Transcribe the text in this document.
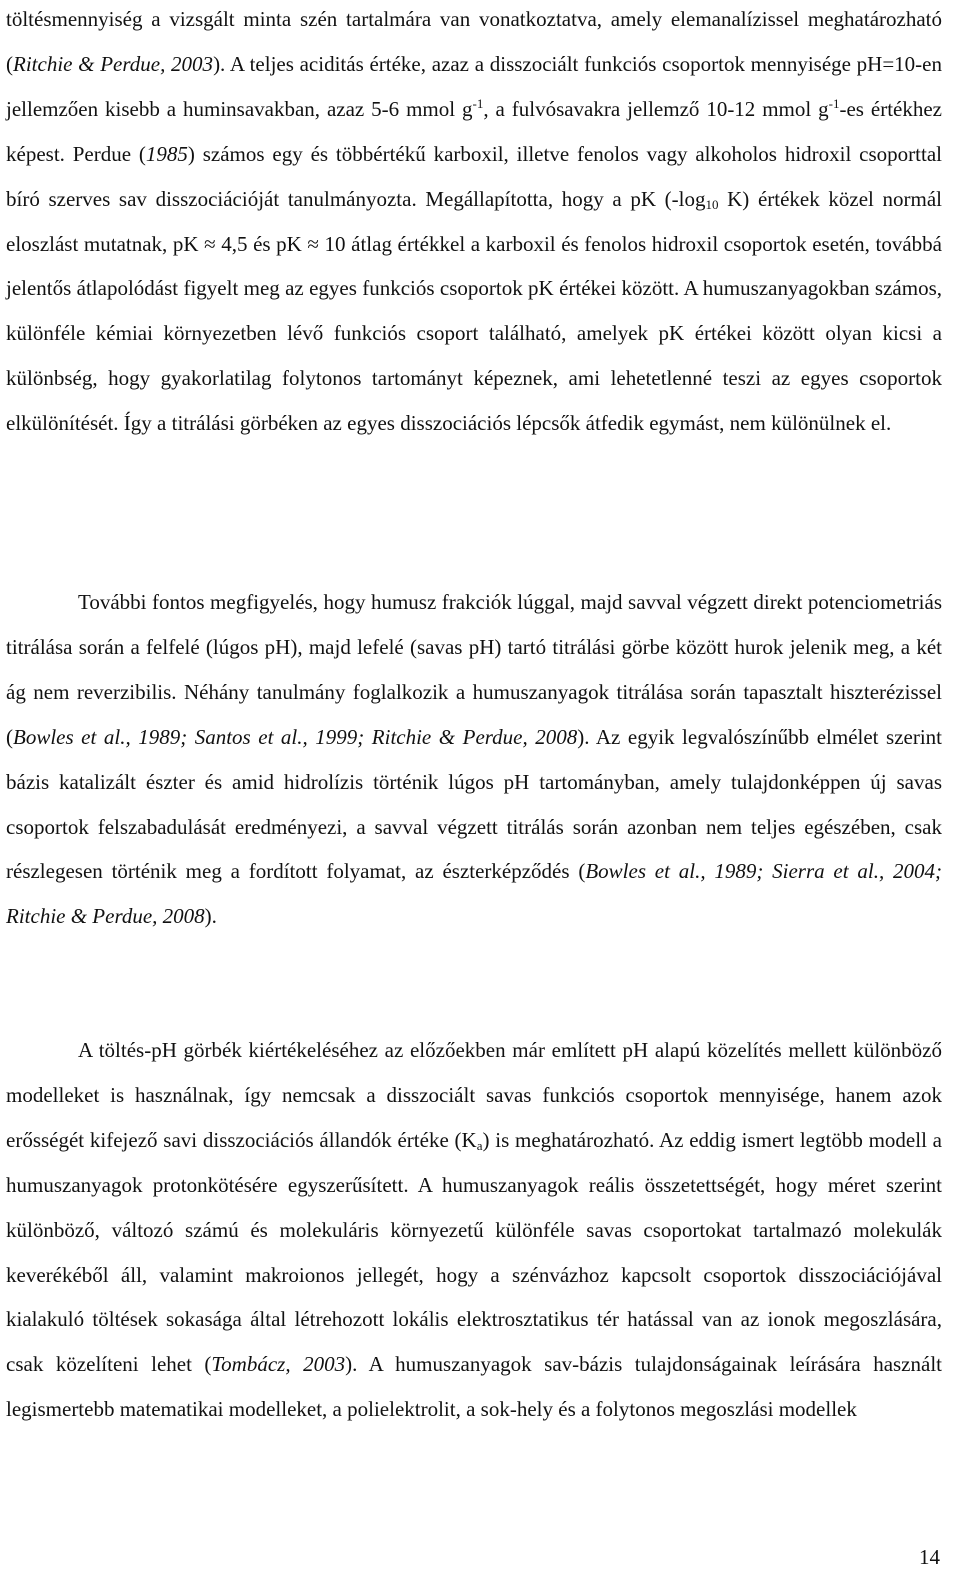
töltésmennyiség a vizsgált minta szén tartalmára van vonatkoztatva, amely elemanalízissel meghatározható (Ritchie & Perdue, 2003). A teljes aciditás értéke, azaz a disszociált funkciós csoportok mennyisége pH=10-en jellemzően kisebb a huminsavakban, azaz 5-6 mmol $g^{-1}$, a fulvósavakra jellemző 10-12 mmol $g^{-1}-es$ értékhez képest. Perdue (1985) számos egy és többértékű karboxil, illetve fenolos vagy alkoholos hidroxil csoporttal bíró szerves sav disszociációját tanulmányozta. Megállapította, hogy a pK ($-\log_{10}$ K) értékek közel normál eloszlást mutatnak, pK ≈ 4,5 és pK ≈ 10 átlag értékkel a karboxil és fenolos hidroxil csoportok esetén, továbbá jelentős átlapolódást figyelt meg az egyes funkciós csoportok pK értékei között. A humuszanyagokban számos, különféle kémiai környezetben lévő funkciós csoport található, amelyek pK értékei között olyan kicsi a különbség, hogy gyakorlatilag folytonos tartományt képeznek, ami lehetetlenné teszi az egyes csoportok elkülönítését. Így a titrálási görbéken az egyes disszociációs lépcsők átfedik egymást, nem különülnek el.

További fontos megfigyelés, hogy humusz frakciók lúggal, majd savval végzett direkt potenciometriás titrálása során a felfelé (lúgos pH), majd lefelé (savas pH) tartó titrálási görbe között hurok jelenik meg, a két ág nem reverzibilis. Néhány tanulmány foglalkozik a humuszanyagok titrálása során tapasztalt hiszterézissel (Bowles et al., 1989; Santos et al., 1999; Ritchie & Perdue, 2008). Az egyik legvalószínűbb elmélet szerint bázis katalizált észter és amid hidrolízis történik lúgos pH tartományban, amely tulajdonképpen új savas csoportok felszabadulását eredményezi, a savval végzett titrálás során azonban nem teljes egészében, csak részlegesen történik meg a fordított folyamat, az észterképződés (Bowles et al., 1989; Sierra et al., 2004; Ritchie & Perdue, 2008).

A töltés-pH görbék kiértékeléséhez az előzőekben már említett pH alapú közelítés mellett különböző modelleket is használnak, így nemcsak a disszociált savas funkciós csoportok mennyisége, hanem azok erősségét kifejező savi disszociációs állandók értéke $(K_a)$ is meghatározható. Az eddig ismert legtöbb modell a humuszanyagok protonkötésére egyszerűsített. A humuszanyagok reális összetettségét, hogy méret szerint különböző, változó számú és molekuláris környezetű különféle savas csoportokat tartalmazó molekulák keverékéből áll, valamint makroionos jellegét, hogy a szénvázhoz kapcsolt csoportok disszociációjával kialakuló töltések sokasága által létrehozott lokális elektrosztatikus tér hatással van az ionok megoszlására, csak közelíteni lehet (Tombácz, 2003). A humuszanyagok sav-bázis tulajdonságainak leírására használt legismertebb matematikai modelleket, a polielektrolit, a sok-hely és a folytonos megoszlási modellek

14
